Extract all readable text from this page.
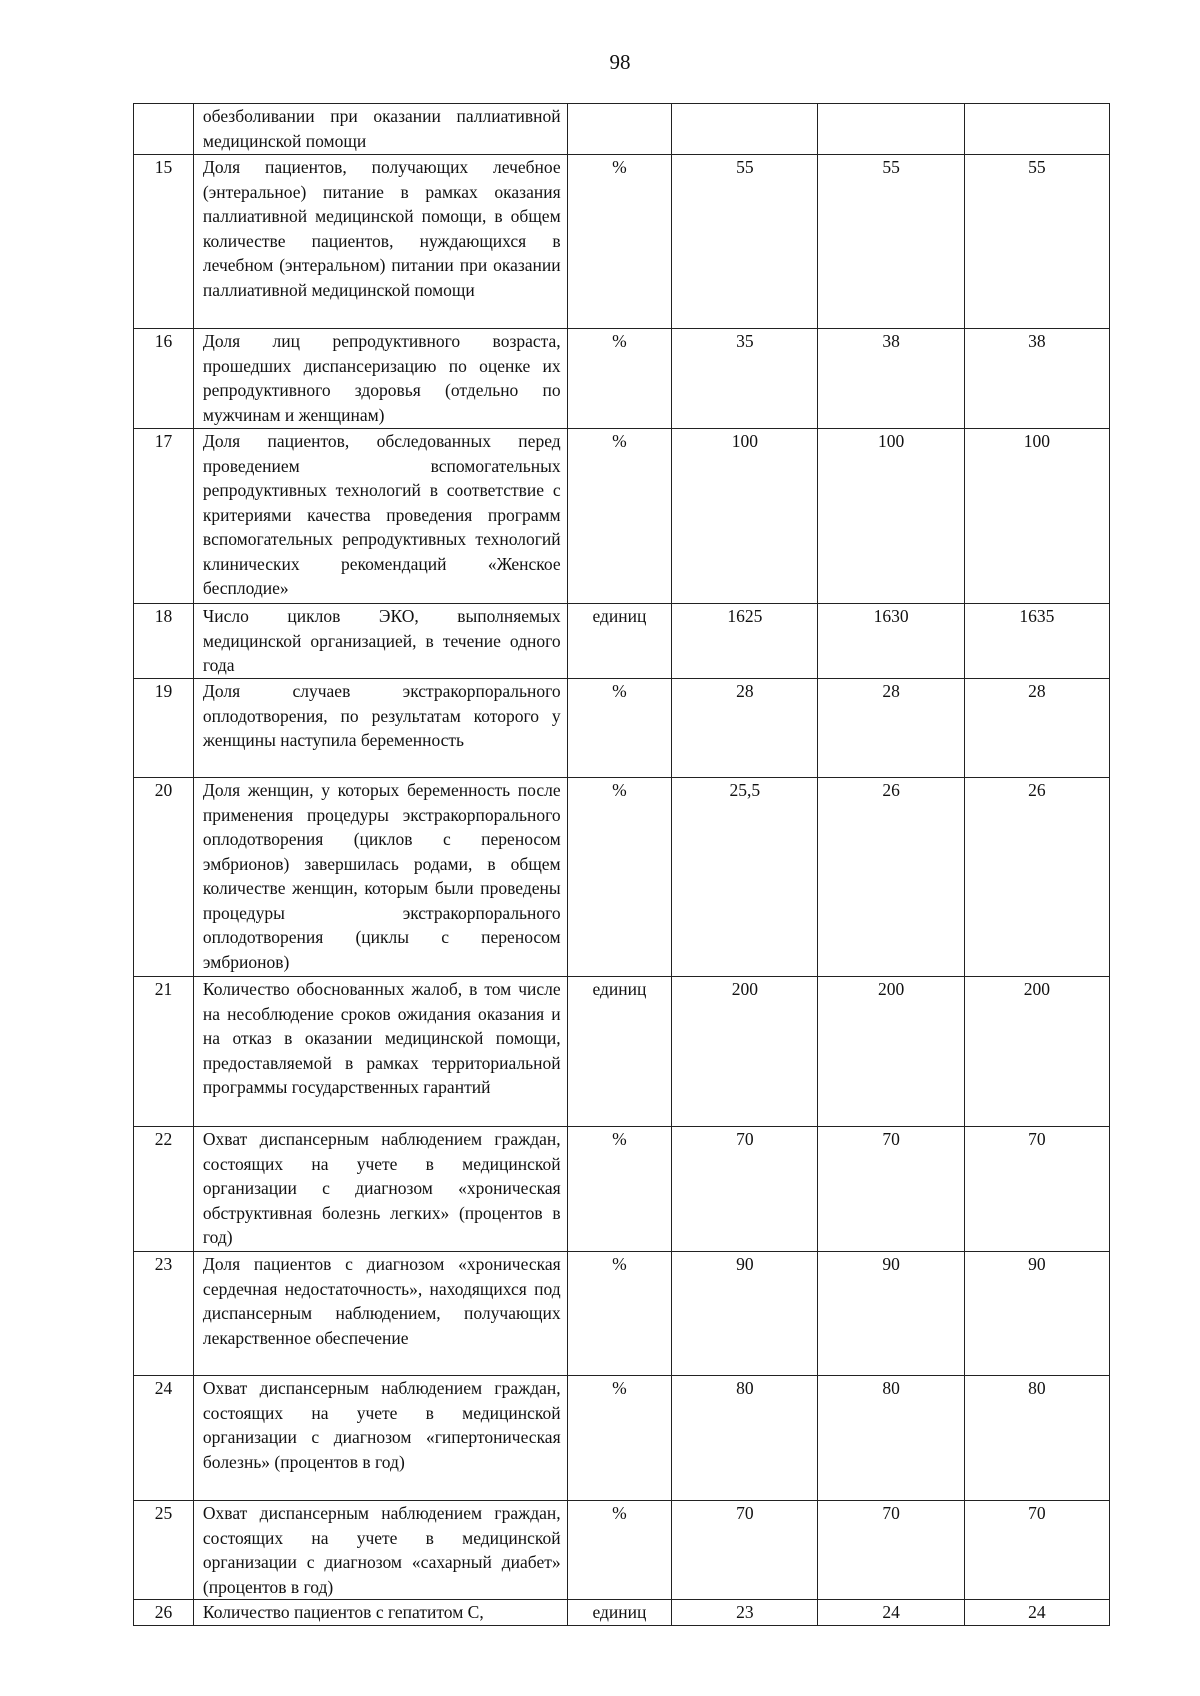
98
	обезболивании при оказании паллиативной медицинской помощи				
15	Доля пациентов, получающих лечебное (энтеральное) питание в рамках оказания паллиативной медицинской помощи, в общем количестве пациентов, нуждающихся в лечебном (энтеральном) питании при оказании паллиативной медицинской помощи	%	55	55	55
16	Доля лиц репродуктивного возраста, прошедших диспансеризацию по оценке их репродуктивного здоровья (отдельно по мужчинам и женщинам)	%	35	38	38
17	Доля пациентов, обследованных перед проведением вспомогательных репродуктивных технологий в соответствие с критериями качества проведения программ вспомогательных репродуктивных технологий клинических рекомендаций «Женское бесплодие»	%	100	100	100
18	Число циклов ЭКО, выполняемых медицинской организацией, в течение одного года	единиц	1625	1630	1635
19	Доля случаев экстракорпорального оплодотворения, по результатам которого у женщины наступила беременность	%	28	28	28
20	Доля женщин, у которых беременность после применения процедуры экстракорпорального оплодотворения (циклов с переносом эмбрионов) завершилась родами, в общем количестве женщин, которым были проведены процедуры экстракорпорального оплодотворения (циклы с переносом эмбрионов)	%	25,5	26	26
21	Количество обоснованных жалоб, в том числе на несоблюдение сроков ожидания оказания и на отказ в оказании медицинской помощи, предоставляемой в рамках территориальной программы государственных гарантий	единиц	200	200	200
22	Охват диспансерным наблюдением граждан, состоящих на учете в медицинской организации с диагнозом «хроническая обструктивная болезнь легких» (процентов в год)	%	70	70	70
23	Доля пациентов с диагнозом «хроническая сердечная недостаточность», находящихся под диспансерным наблюдением, получающих лекарственное обеспечение	%	90	90	90
24	Охват диспансерным наблюдением граждан, состоящих на учете в медицинской организации с диагнозом «гипертоническая болезнь» (процентов в год)	%	80	80	80
25	Охват диспансерным наблюдением граждан, состоящих на учете в медицинской организации с диагнозом «сахарный диабет» (процентов в год)	%	70	70	70
26	Количество пациентов с гепатитом С,	единиц	23	24	24
